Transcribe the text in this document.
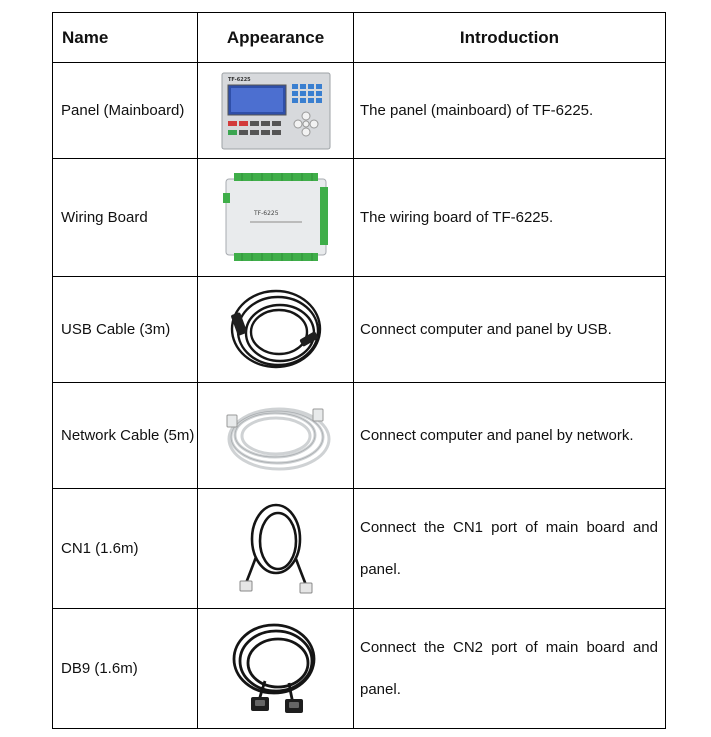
Name	Appearance	Introduction
Panel (Mainboard)	TF-6225	The panel (mainboard) of TF-6225.
Wiring Board	TF-6225	The wiring board of TF-6225.
USB Cable (3m)		Connect computer and panel by USB.
Network Cable (5m)		Connect computer and panel by network.
CN1 (1.6m)		Connect the CN1 port of main board and panel.
DB9 (1.6m)		Connect the CN2 port of main board and panel.
